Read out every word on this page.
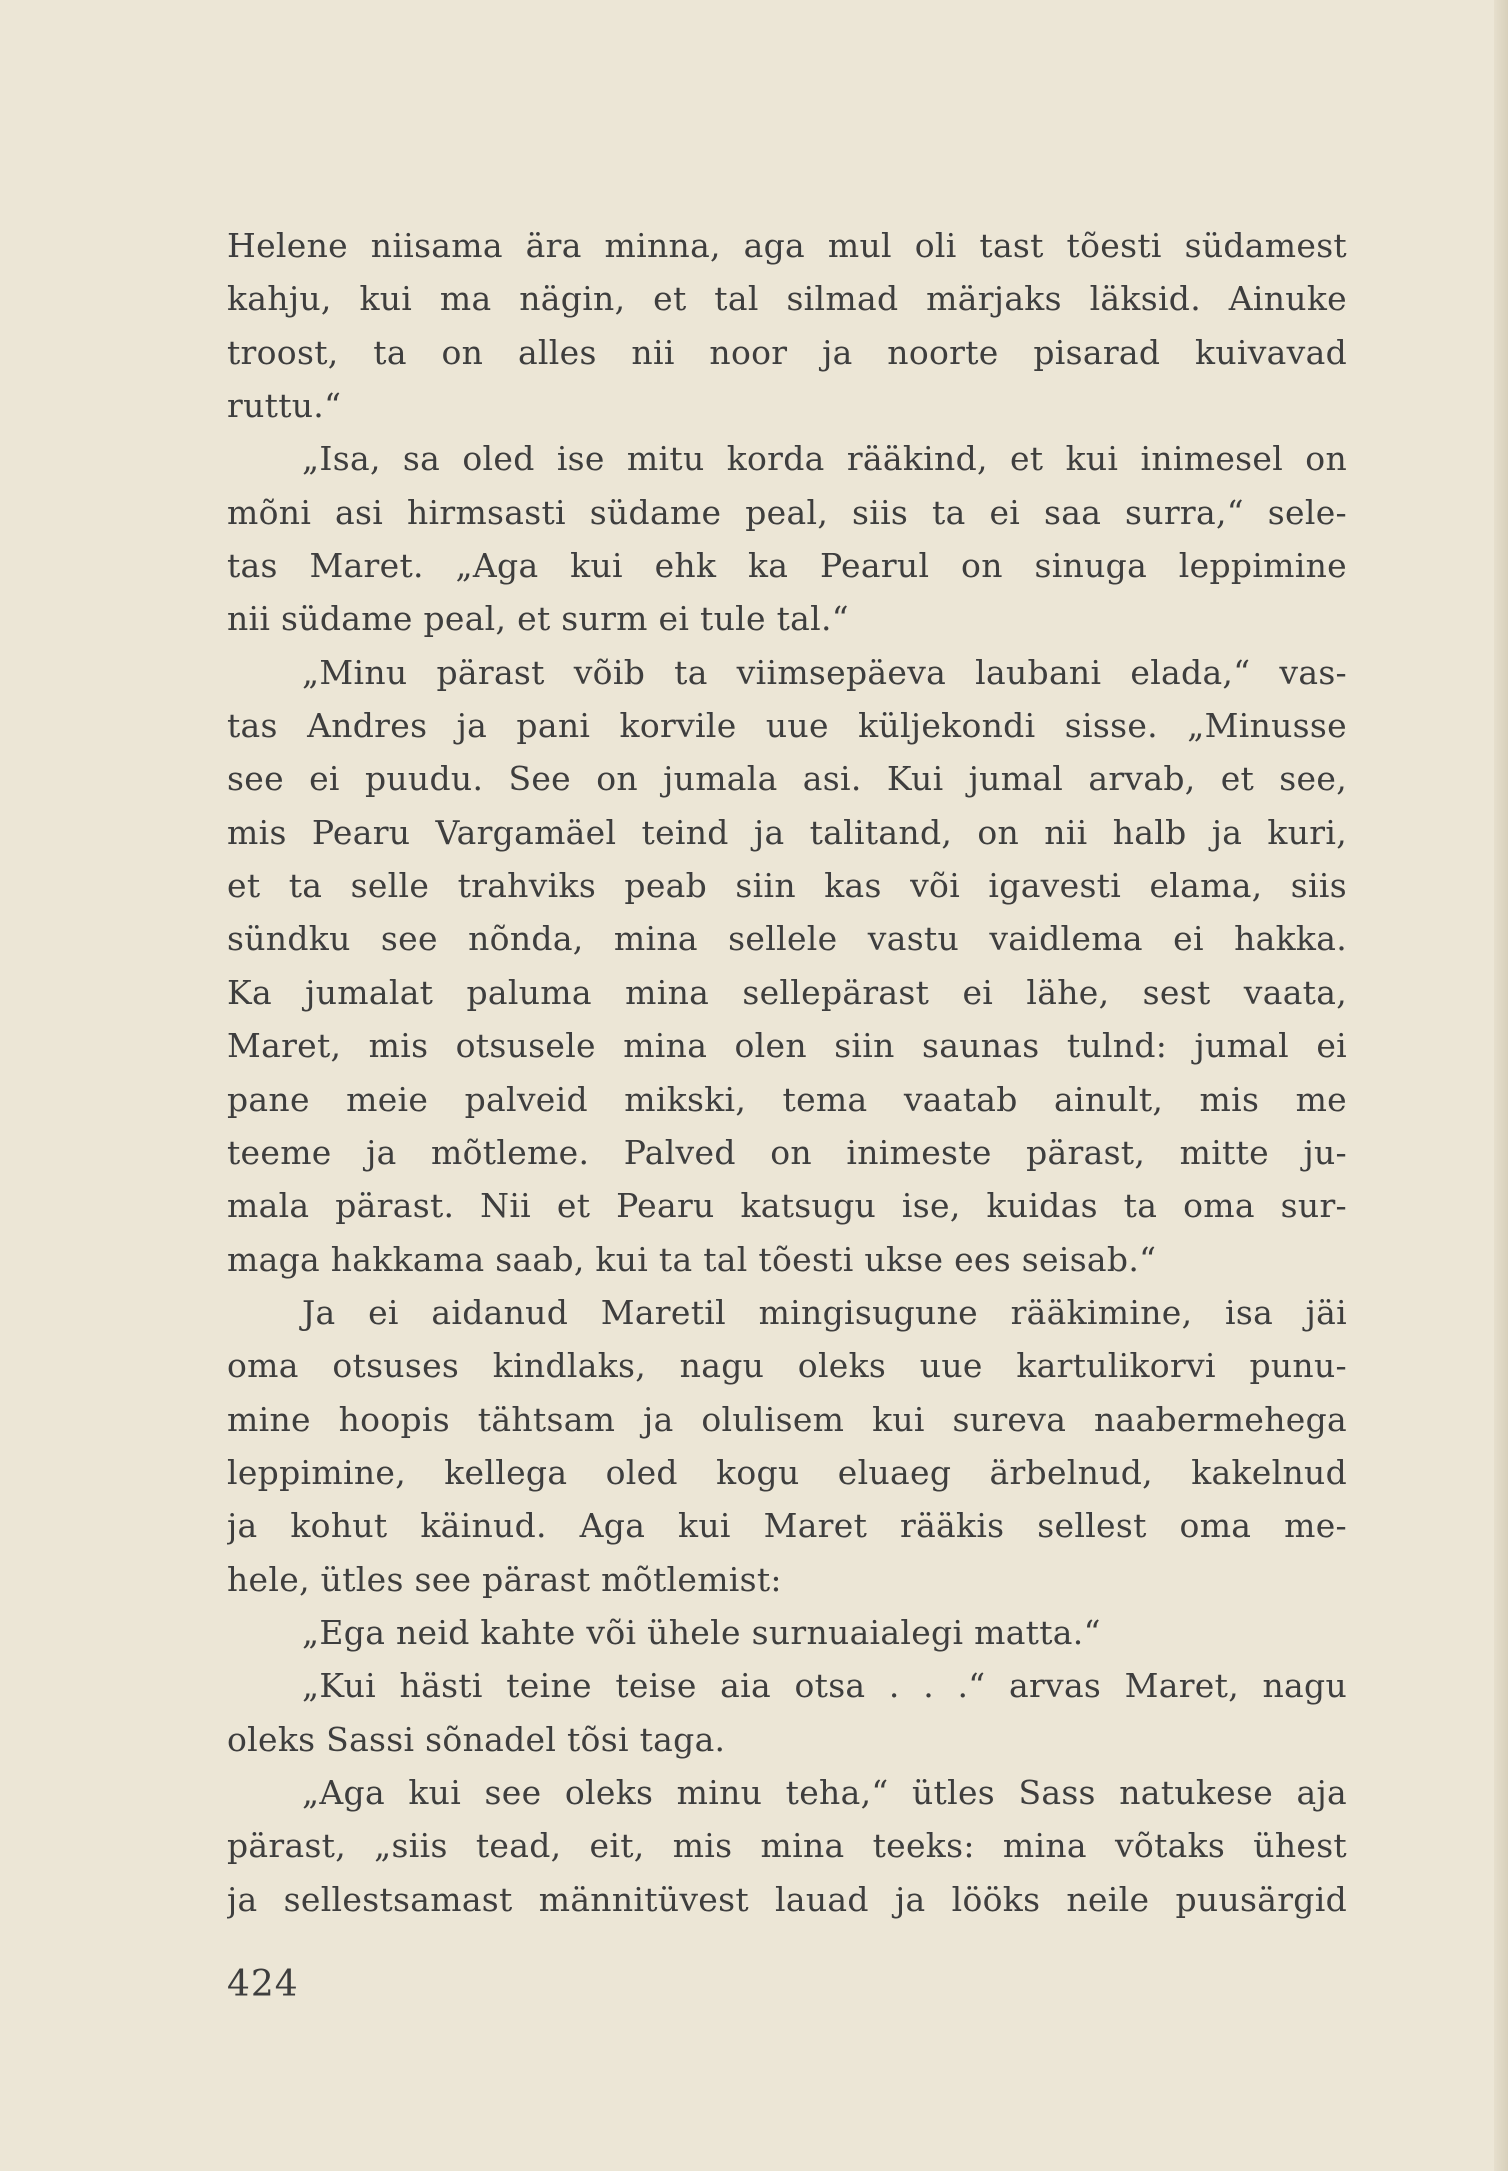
Helene niisama ära minna, aga mul oli tast tõesti südamest
kahju, kui ma nägin, et tal silmad märjaks läksid. Ainuke
troost, ta on alles nii noor ja noorte pisarad kuivavad
ruttu.“
„Isa, sa oled ise mitu korda rääkind, et kui inimesel on
mõni asi hirmsasti südame peal, siis ta ei saa surra,“ sele-
tas Maret. „Aga kui ehk ka Pearul on sinuga leppimine
nii südame peal, et surm ei tule tal.“
„Minu pärast võib ta viimsepäeva laubani elada,“ vas-
tas Andres ja pani korvile uue küljekondi sisse. „Minusse
see ei puudu. See on jumala asi. Kui jumal arvab, et see,
mis Pearu Vargamäel teind ja talitand, on nii halb ja kuri,
et ta selle trahviks peab siin kas või igavesti elama, siis
sündku see nõnda, mina sellele vastu vaidlema ei hakka.
Ka jumalat paluma mina sellepärast ei lähe, sest vaata,
Maret, mis otsusele mina olen siin saunas tulnd: jumal ei
pane meie palveid mikski, tema vaatab ainult, mis me
teeme ja mõtleme. Palved on inimeste pärast, mitte ju-
mala pärast. Nii et Pearu katsugu ise, kuidas ta oma sur-
maga hakkama saab, kui ta tal tõesti ukse ees seisab.“
Ja ei aidanud Maretil mingisugune rääkimine, isa jäi
oma otsuses kindlaks, nagu oleks uue kartulikorvi punu-
mine hoopis tähtsam ja olulisem kui sureva naabermehega
leppimine, kellega oled kogu eluaeg ärbelnud, kakelnud
ja kohut käinud. Aga kui Maret rääkis sellest oma me-
hele, ütles see pärast mõtlemist:
„Ega neid kahte või ühele surnuaialegi matta.“
„Kui hästi teine teise aia otsa . . .“ arvas Maret, nagu
oleks Sassi sõnadel tõsi taga.
„Aga kui see oleks minu teha,“ ütles Sass natukese aja
pärast, „siis tead, eit, mis mina teeks: mina võtaks ühest
ja sellestsamast männitüvest lauad ja lööks neile puusärgid
424
